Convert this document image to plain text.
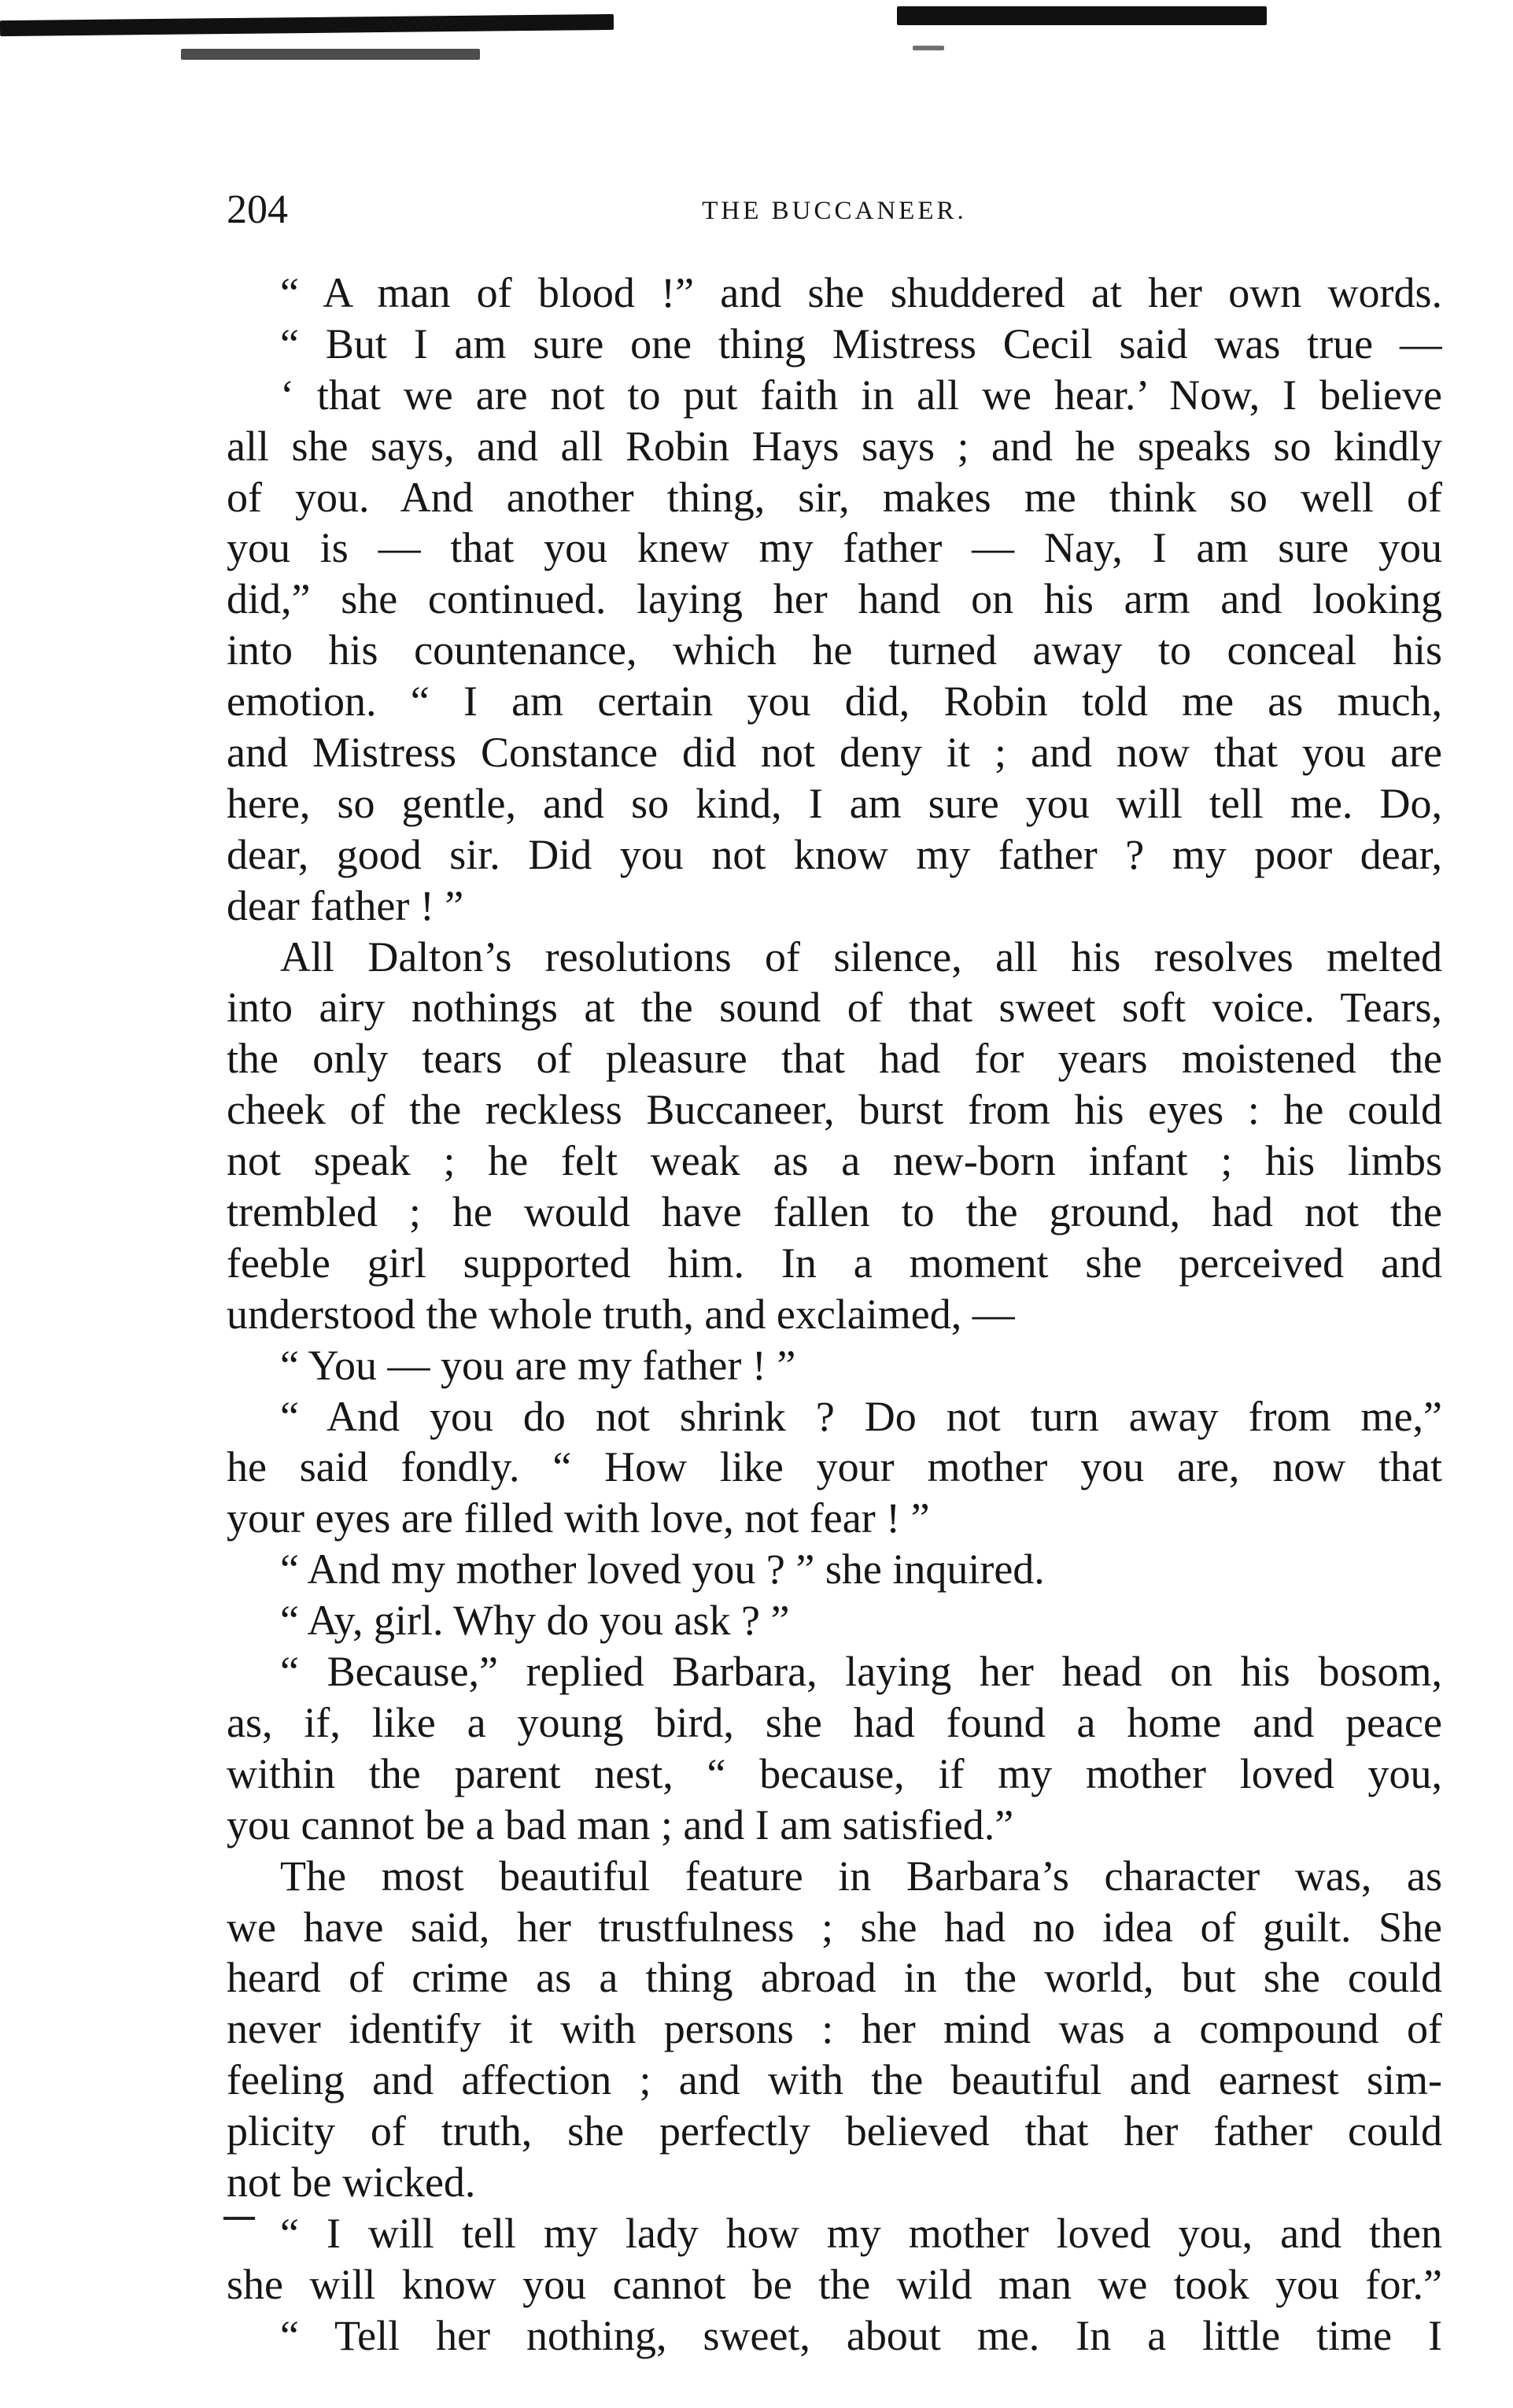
204	THE BUCCANEER.
“ A man of blood !” and she shuddered at her own words.
“ But I am sure one thing Mistress Cecil said was true —
‘ that we are not to put faith in all we hear.’ Now, I believe
all she says, and all Robin Hays says ; and he speaks so kindly
of you. And another thing, sir, makes me think so well of
you is — that you knew my father — Nay, I am sure you
did,” she continued. laying her hand on his arm and looking
into his countenance, which he turned away to conceal his
emotion. “ I am certain you did, Robin told me as much,
and Mistress Constance did not deny it ; and now that you are
here, so gentle, and so kind, I am sure you will tell me. Do,
dear, good sir. Did you not know my father ? my poor dear,
dear father ! ”
All Dalton’s resolutions of silence, all his resolves melted
into airy nothings at the sound of that sweet soft voice. Tears,
the only tears of pleasure that had for years moistened the
cheek of the reckless Buccaneer, burst from his eyes : he could
not speak ; he felt weak as a new-born infant ; his limbs
trembled ; he would have fallen to the ground, had not the
feeble girl supported him. In a moment she perceived and
understood the whole truth, and exclaimed, —
“ You — you are my father ! ”
“ And you do not shrink ? Do not turn away from me,”
he said fondly. “ How like your mother you are, now that
your eyes are filled with love, not fear ! ”
“ And my mother loved you ? ” she inquired.
“ Ay, girl. Why do you ask ? ”
“ Because,” replied Barbara, laying her head on his bosom,
as, if, like a young bird, she had found a home and peace
within the parent nest, “ because, if my mother loved you,
you cannot be a bad man ; and I am satisfied.”
The most beautiful feature in Barbara’s character was, as
we have said, her trustfulness ; she had no idea of guilt. She
heard of crime as a thing abroad in the world, but she could
never identify it with persons : her mind was a compound of
feeling and affection ; and with the beautiful and earnest sim-
plicity of truth, she perfectly believed that her father could
not be wicked.
“ I will tell my lady how my mother loved you, and then
she will know you cannot be the wild man we took you for.”
“ Tell her nothing, sweet, about me. In a little time I
